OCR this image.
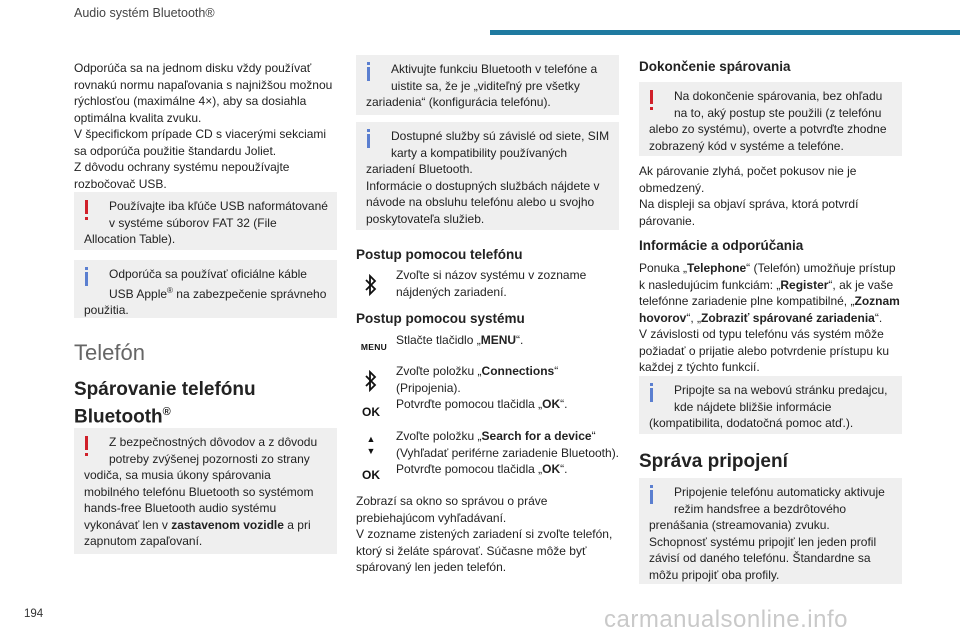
Audio systém Bluetooth®
Odporúča sa na jednom disku vždy používať
rovnakú normu napaľovania s najnižšou možnou
rýchlosťou (maximálne 4×), aby sa dosiahla
optimálna kvalita zvuku.
V špecifickom prípade CD s viacerými sekciami
sa odporúča použitie štandardu Joliet.
Z dôvodu ochrany systému nepoužívajte
rozbočovač USB.
Používajte iba kľúče USB naformátované
v systéme súborov FAT 32 (File
Allocation Table).
Odporúča sa používať oficiálne káble
USB Apple® na zabezpečenie správneho
použitia.
Telefón
Spárovanie telefónu
Bluetooth®
Z bezpečnostných dôvodov a z dôvodu
potreby zvýšenej pozornosti zo strany
vodiča, sa musia úkony spárovania
mobilného telefónu Bluetooth so systémom
hands-free Bluetooth audio systému
vykonávať len v zastavenom vozidle a pri
zapnutom zapaľovaní.
Aktivujte funkciu Bluetooth v telefóne a
uistite sa, že je „viditeľný pre všetky
zariadenia“ (konfigurácia telefónu).
Dostupné služby sú závislé od siete, SIM
karty a kompatibility používaných
zariadení Bluetooth.
Informácie o dostupných službách nájdete v
návode na obsluhu telefónu alebo u svojho
poskytovateľa služieb.
Postup pomocou telefónu
Zvoľte si názov systému v zozname
nájdených zariadení.
Postup pomocou systému
MENU Stlačte tlačidlo „MENU“.
OK
Zvoľte položku „Connections“
(Pripojenia).
Potvrďte pomocou tlačidla „OK“.
▲
▼
OK
Zvoľte položku „Search for a device“
(Vyhľadať periférne zariadenie Bluetooth).
Potvrďte pomocou tlačidla „OK“.
Zobrazí sa okno so správou o práve
prebiehajúcom vyhľadávaní.
V zozname zistených zariadení si zvoľte telefón,
ktorý si želáte spárovať. Súčasne môže byť
spárovaný len jeden telefón.
Dokončenie spárovania
Na dokončenie spárovania, bez ohľadu
na to, aký postup ste použili (z telefónu
alebo zo systému), overte a potvrďte zhodne
zobrazený kód v systéme a telefóne.
Ak párovanie zlyhá, počet pokusov nie je
obmedzený.
Na displeji sa objaví správa, ktorá potvrdí
párovanie.
Informácie a odporúčania
Ponuka „Telephone“ (Telefón) umožňuje prístup
k nasledujúcim funkciám: „Register“, ak je vaše
telefónne zariadenie plne kompatibilné, „Zoznam
hovorov“, „Zobraziť spárované zariadenia“.
V závislosti od typu telefónu vás systém môže
požiadať o prijatie alebo potvrdenie prístupu ku
každej z týchto funkcií.
Pripojte sa na webovú stránku predajcu,
kde nájdete bližšie informácie
(kompatibilita, dodatočná pomoc atď.).
Správa pripojení
Pripojenie telefónu automaticky aktivuje
režim handsfree a bezdrôtového
prenášania (streamovania) zvuku.
Schopnosť systému pripojiť len jeden profil
závisí od daného telefónu. Štandardne sa
môžu pripojiť oba profily.
194	carmanualsonline.info
